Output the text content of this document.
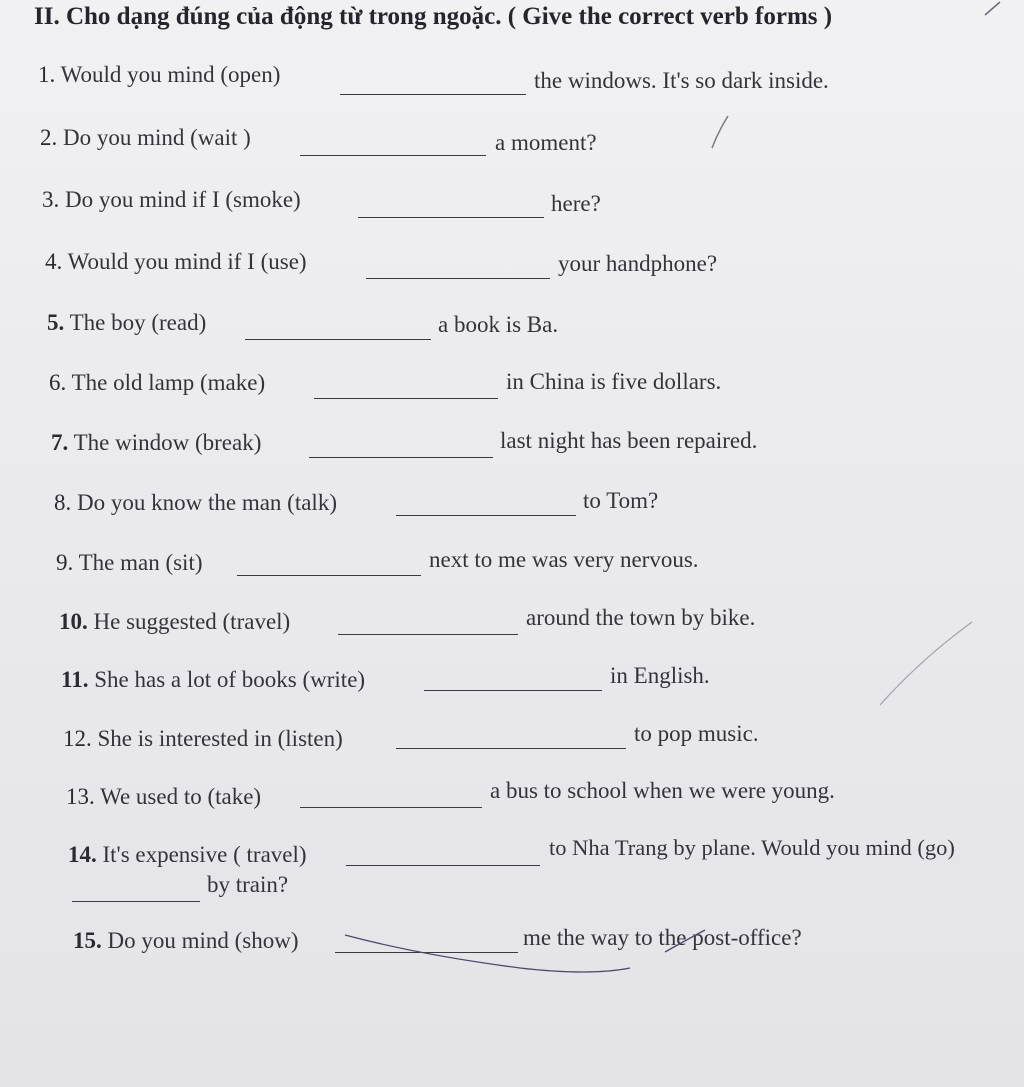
II. Cho dạng đúng của động từ trong ngoặc. ( Give the correct verb forms )
1. Would you mind (open)	the windows. It's so dark inside.
2. Do you mind (wait )	a moment?
3. Do you mind if I (smoke)	here?
4. Would you mind if I (use)	your handphone?
5. The boy (read)	a book is Ba.
6. The old lamp (make)	in China is five dollars.
7. The window (break)	last night has been repaired.
8. Do you know the man (talk)	to Tom?
9. The man (sit)	next to me was very nervous.
10. He suggested (travel)	around the town by bike.
11. She has a lot of books (write)	in English.
12. She is interested in (listen)	to pop music.
13. We used to (take)	a bus to school when we were young.
14. It's expensive ( travel)	to Nha Trang by plane. Would you mind (go)
by train?
15. Do you mind (show)	me the way to the post-office?
